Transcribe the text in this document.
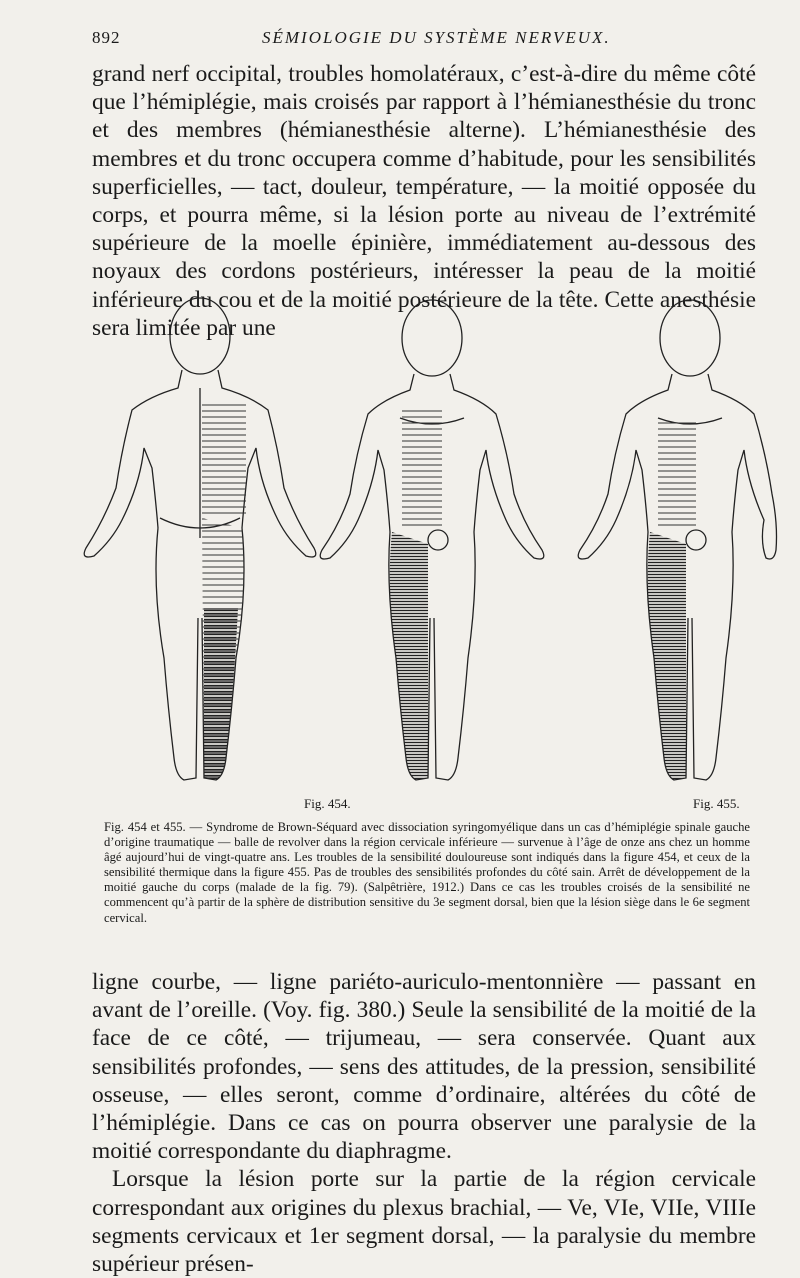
892	SÉMIOLOGIE DU SYSTÈME NERVEUX.

grand nerf occipital, troubles homolatéraux, c’est-à-dire du même côté que l’hémiplégie, mais croisés par rapport à l’hémianesthésie du tronc et des membres (hémianesthésie alterne). L’hémianesthésie des membres et du tronc occupera comme d’habitude, pour les sensibilités superficielles, — tact, douleur, température, — la moitié opposée du corps, et pourra même, si la lésion porte au niveau de l’extrémité supérieure de la moelle épinière, immédiatement au-dessous des noyaux des cordons postérieurs, intéresser la peau de la moitié inférieure du cou et de la moitié postérieure de la tête. Cette anesthésie sera limitée par une

Fig. 454.	Fig. 455.
Fig. 454 et 455. — Syndrome de Brown-Séquard avec dissociation syringomyélique dans un cas d’hémiplégie spinale gauche d’origine traumatique — balle de revolver dans la région cervicale inférieure — survenue à l’âge de onze ans chez un homme âgé aujourd’hui de vingt-quatre ans. Les troubles de la sensibilité douloureuse sont indiqués dans la figure 454, et ceux de la sensibilité thermique dans la figure 455. Pas de troubles des sensibilités profondes du côté sain. Arrêt de développement de la moitié gauche du corps (malade de la fig. 79). (Salpêtrière, 1912.) Dans ce cas les troubles croisés de la sensibilité ne commencent qu’à partir de la sphère de distribution sensitive du 3e segment dorsal, bien que la lésion siège dans le 6e segment cervical.

ligne courbe, — ligne pariéto-auriculo-mentonnière — passant en avant de l’oreille. (Voy. fig. 380.) Seule la sensibilité de la moitié de la face de ce côté, — trijumeau, — sera conservée. Quant aux sensibilités profondes, — sens des attitudes, de la pression, sensibilité osseuse, — elles seront, comme d’ordinaire, altérées du côté de l’hémiplégie. Dans ce cas on pourra observer une paralysie de la moitié correspondante du diaphragme.

Lorsque la lésion porte sur la partie de la région cervicale correspondant aux origines du plexus brachial, — Ve, VIe, VIIe, VIIIe segments cervicaux et 1er segment dorsal, — la paralysie du membre supérieur présen-
